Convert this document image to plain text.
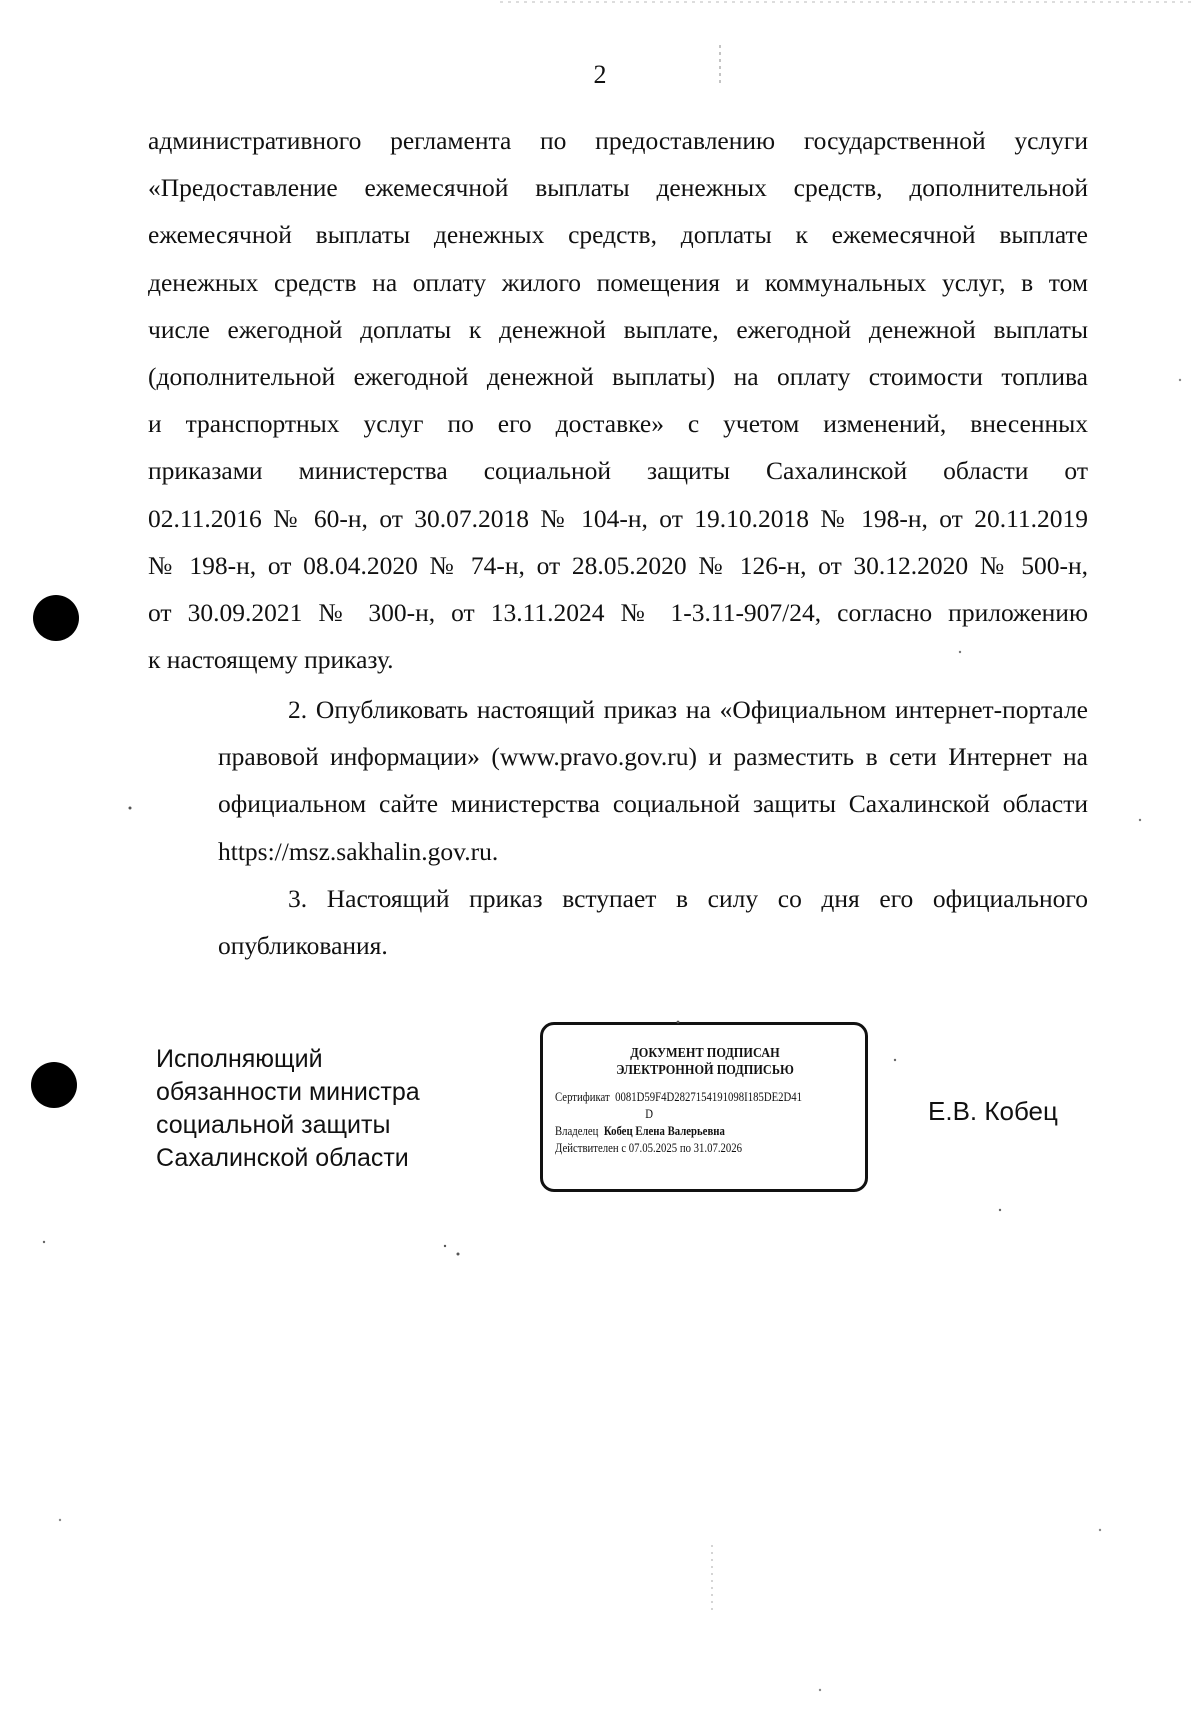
2
административного регламента по предоставлению государственной услуги
«Предоставление ежемесячной выплаты денежных средств, дополнительной
ежемесячной выплаты денежных средств, доплаты к ежемесячной выплате
денежных средств на оплату жилого помещения и коммунальных услуг, в том
числе ежегодной доплаты к денежной выплате, ежегодной денежной выплаты
(дополнительной ежегодной денежной выплаты) на оплату стоимости топлива
и транспортных услуг по его доставке» с учетом изменений, внесенных
приказами министерства социальной защиты Сахалинской области от
02.11.2016 № 60-н, от 30.07.2018 № 104-н, от 19.10.2018 № 198-н, от 20.11.2019
№ 198-н, от 08.04.2020 № 74-н, от 28.05.2020 № 126-н, от 30.12.2020 № 500-н,
от 30.09.2021 № 300-н, от 13.11.2024 № 1-3.11-907/24, согласно приложению
к настоящему приказу.
2. Опубликовать настоящий приказ на «Официальном интернет-портале
правовой информации» (www.pravo.gov.ru) и разместить в сети Интернет на
официальном сайте министерства социальной защиты Сахалинской области
https://msz.sakhalin.gov.ru.
3. Настоящий приказ вступает в силу со дня его официального
опубликования.
Исполняющий
обязанности министра
социальной защиты
Сахалинской области
ДОКУМЕНТ ПОДПИСАН
ЭЛЕКТРОННОЙ ПОДПИСЬЮ
Сертификат 0081D59F4D2827154191098I185DE2D41
D
Владелец Кобец Елена Валерьевна
Действителен с 07.05.2025 по 31.07.2026
Е.В. Кобец
